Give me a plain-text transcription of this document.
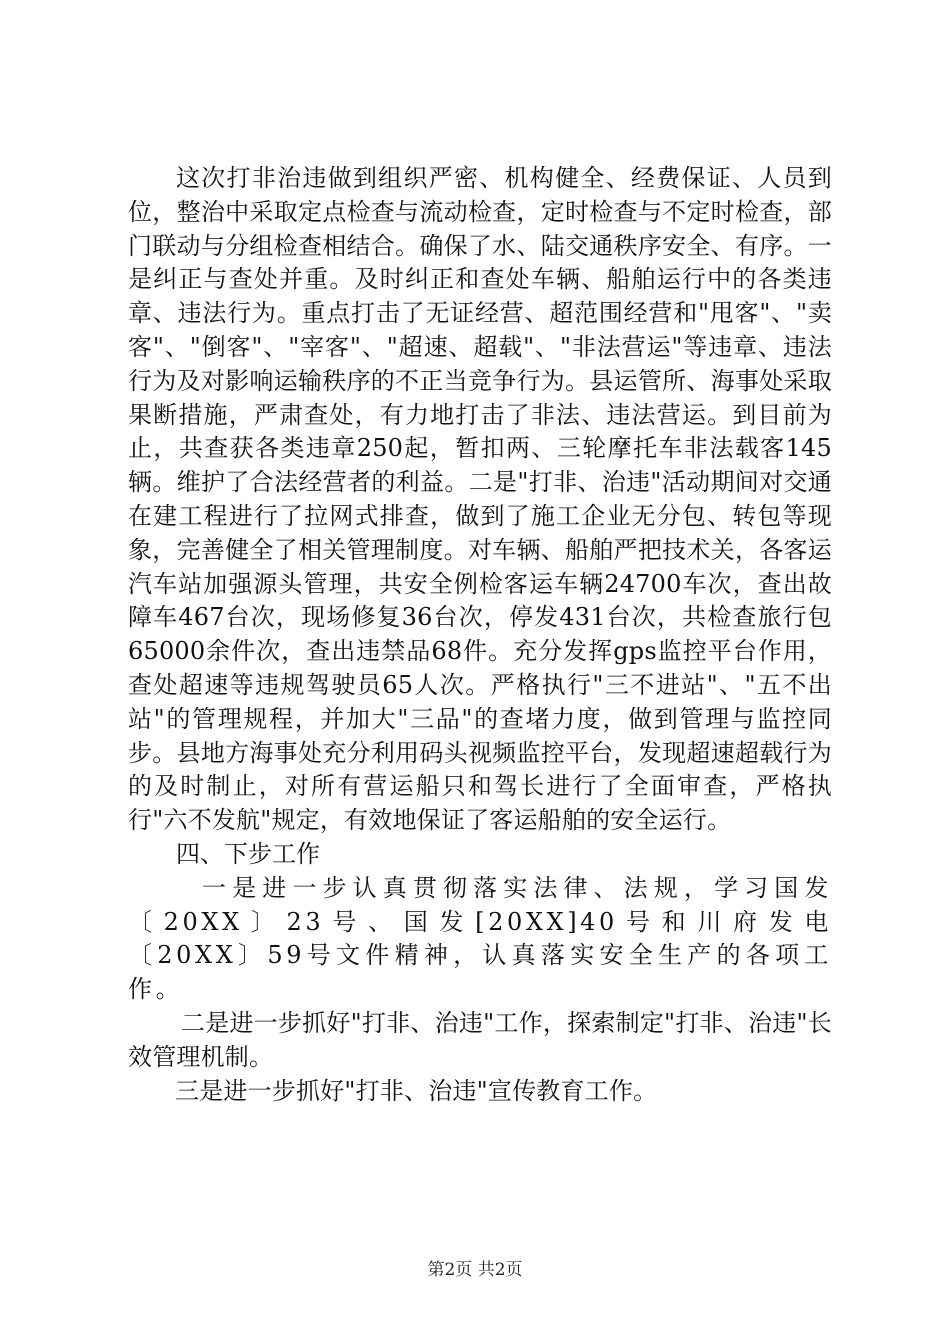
这次打非治违做到组织严密、机构健全、经费保证、人员到位，整治中采取定点检查与流动检查，定时检查与不定时检查，部门联动与分组检查相结合。确保了水、陆交通秩序安全、有序。一是纠正与查处并重。及时纠正和查处车辆、船舶运行中的各类违章、违法行为。重点打击了无证经营、超范围经营和"甩客"、"卖客"、"倒客"、"宰客"、"超速、超载"、"非法营运"等违章、违法行为及对影响运输秩序的不正当竞争行为。县运管所、海事处采取果断措施，严肃查处，有力地打击了非法、违法营运。到目前为止，共查获各类违章250起，暂扣两、三轮摩托车非法载客145辆。维护了合法经营者的利益。二是"打非、治违"活动期间对交通在建工程进行了拉网式排查，做到了施工企业无分包、转包等现象，完善健全了相关管理制度。对车辆、船舶严把技术关，各客运汽车站加强源头管理，共安全例检客运车辆24700车次，查出故障车467台次，现场修复36台次，停发431台次，共检查旅行包65000余件次，查出违禁品68件。充分发挥gps监控平台作用，查处超速等违规驾驶员65人次。严格执行"三不进站"、"五不出站"的管理规程，并加大"三品"的查堵力度，做到管理与监控同步。县地方海事处充分利用码头视频监控平台，发现超速超载行为的及时制止，对所有营运船只和驾长进行了全面审查，严格执行"六不发航"规定，有效地保证了客运船舶的安全运行。

四、下步工作

一是进一步认真贯彻落实法律、法规，学习国发〔20XX〕23号、国发[20XX]40号和川府发电〔20XX〕59号文件精神，认真落实安全生产的各项工作。

二是进一步抓好"打非、治违"工作，探索制定"打非、治违"长效管理机制。

三是进一步抓好"打非、治违"宣传教育工作。

第2页 共2页
